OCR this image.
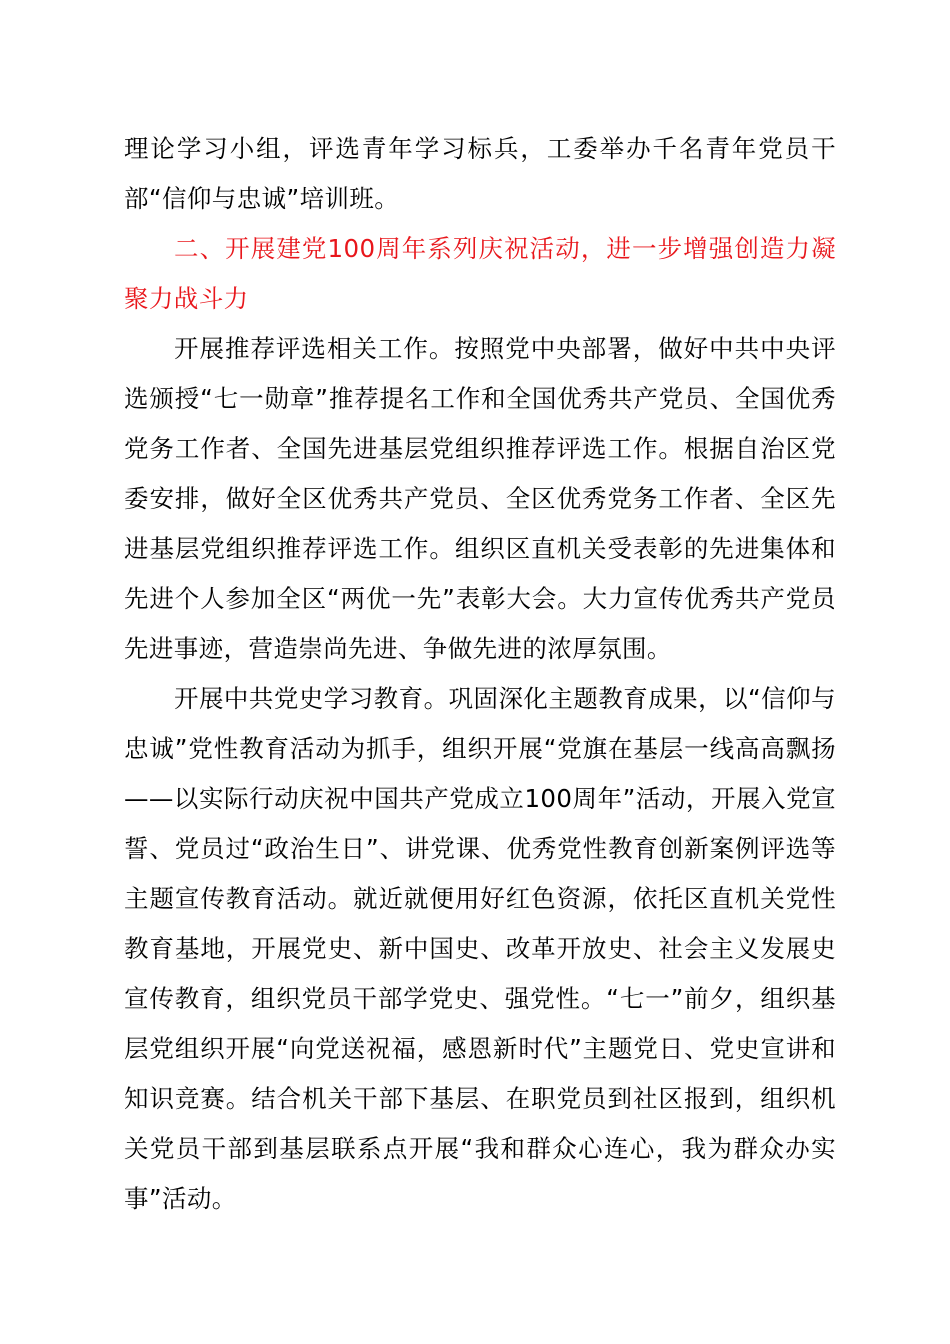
理论学习小组，评选青年学习标兵，工委举办千名青年党员干部“信仰与忠诚”培训班。

二、开展建党100周年系列庆祝活动，进一步增强创造力凝聚力战斗力

开展推荐评选相关工作。按照党中央部署，做好中共中央评选颁授“七一勋章”推荐提名工作和全国优秀共产党员、全国优秀党务工作者、全国先进基层党组织推荐评选工作。根据自治区党委安排，做好全区优秀共产党员、全区优秀党务工作者、全区先进基层党组织推荐评选工作。组织区直机关受表彰的先进集体和先进个人参加全区“两优一先”表彰大会。大力宣传优秀共产党员先进事迹，营造崇尚先进、争做先进的浓厚氛围。

开展中共党史学习教育。巩固深化主题教育成果，以“信仰与忠诚”党性教育活动为抓手，组织开展“党旗在基层一线高高飘扬——以实际行动庆祝中国共产党成立100周年”活动，开展入党宣誓、党员过“政治生日”、讲党课、优秀党性教育创新案例评选等主题宣传教育活动。就近就便用好红色资源，依托区直机关党性教育基地，开展党史、新中国史、改革开放史、社会主义发展史宣传教育，组织党员干部学党史、强党性。“七一”前夕，组织基层党组织开展“向党送祝福，感恩新时代”主题党日、党史宣讲和知识竞赛。结合机关干部下基层、在职党员到社区报到，组织机关党员干部到基层联系点开展“我和群众心连心，我为群众办实事”活动。
